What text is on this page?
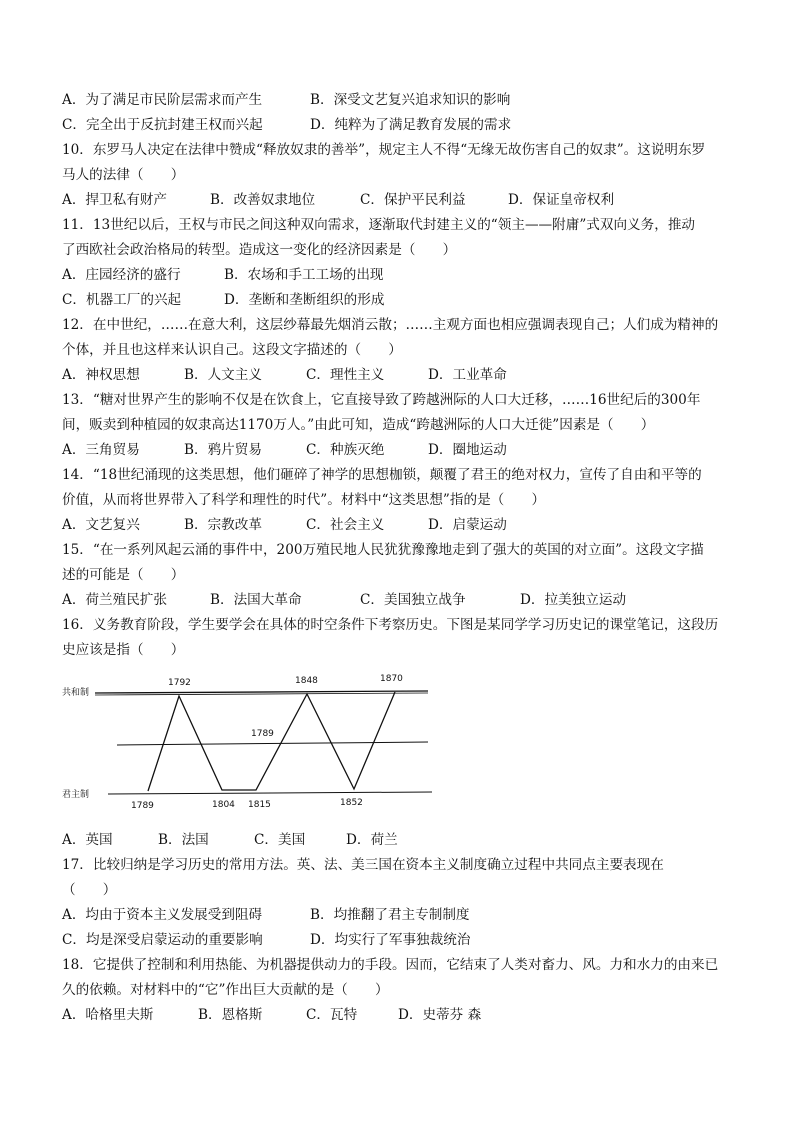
A．为了满足市民阶层需求而产生	B．深受文艺复兴追求知识的影响
C．完全出于反抗封建王权而兴起	D．纯粹为了满足教育发展的需求
10．东罗马人决定在法律中赞成“释放奴隶的善举”，规定主人不得“无缘无故伤害自己的奴隶”。这说明东罗
马人的法律（　　）
A．捍卫私有财产	B．改善奴隶地位	C．保护平民利益	D．保证皇帝权利
11．13世纪以后，王权与市民之间这种双向需求，逐渐取代封建主义的“领主——附庸”式双向义务，推动
了西欧社会政治格局的转型。造成这一变化的经济因素是（　　）
A．庄园经济的盛行	B．农场和手工工场的出现
C．机器工厂的兴起	D．垄断和垄断组织的形成
12．在中世纪，……在意大利，这层纱幕最先烟消云散；……主观方面也相应强调表现自己；人们成为精神的
个体，并且也这样来认识自己。这段文字描述的（　　）
A．神权思想	B．人文主义	C．理性主义	D．工业革命
13．“糖对世界产生的影响不仅是在饮食上，它直接导致了跨越洲际的人口大迁移，……16世纪后的300年
间，贩卖到种植园的奴隶高达1170万人。”由此可知，造成“跨越洲际的人口大迁徙”因素是（　　）
A．三角贸易	B．鸦片贸易	C．种族灭绝	D．圈地运动
14．“18世纪涌现的这类思想，他们砸碎了神学的思想枷锁，颠覆了君王的绝对权力，宣传了自由和平等的
价值，从而将世界带入了科学和理性的时代”。材料中“这类思想”指的是（　　）
A．文艺复兴	B．宗教改革	C．社会主义	D．启蒙运动
15．“在一系列风起云涌的事件中，200万殖民地人民犹犹豫豫地走到了强大的英国的对立面”。这段文字描
述的可能是（　　）
A．荷兰殖民扩张	B．法国大革命	C．美国独立战争	D．拉美独立运动
16．义务教育阶段，学生要学会在具体的时空条件下考察历史。下图是某同学学习历史记的课堂笔记，这段历
史应该是指（　　）
共和制
君主制
1792	1848	1870
1789
1789	1804 1815	1852
A．英国	B．法国	C．美国	D．荷兰
17．比较归纳是学习历史的常用方法。英、法、美三国在资本主义制度确立过程中共同点主要表现在
（　　）
A．均由于资本主义发展受到阻碍	B．均推翻了君主专制制度
C．均是深受启蒙运动的重要影响	D．均实行了军事独裁统治
18．它提供了控制和利用热能、为机器提供动力的手段。因而，它结束了人类对畜力、风。力和水力的由来已
久的依赖。对材料中的“它”作出巨大贡献的是（　　）
A．哈格里夫斯	B．恩格斯	C．瓦特	D．史蒂芬 森
